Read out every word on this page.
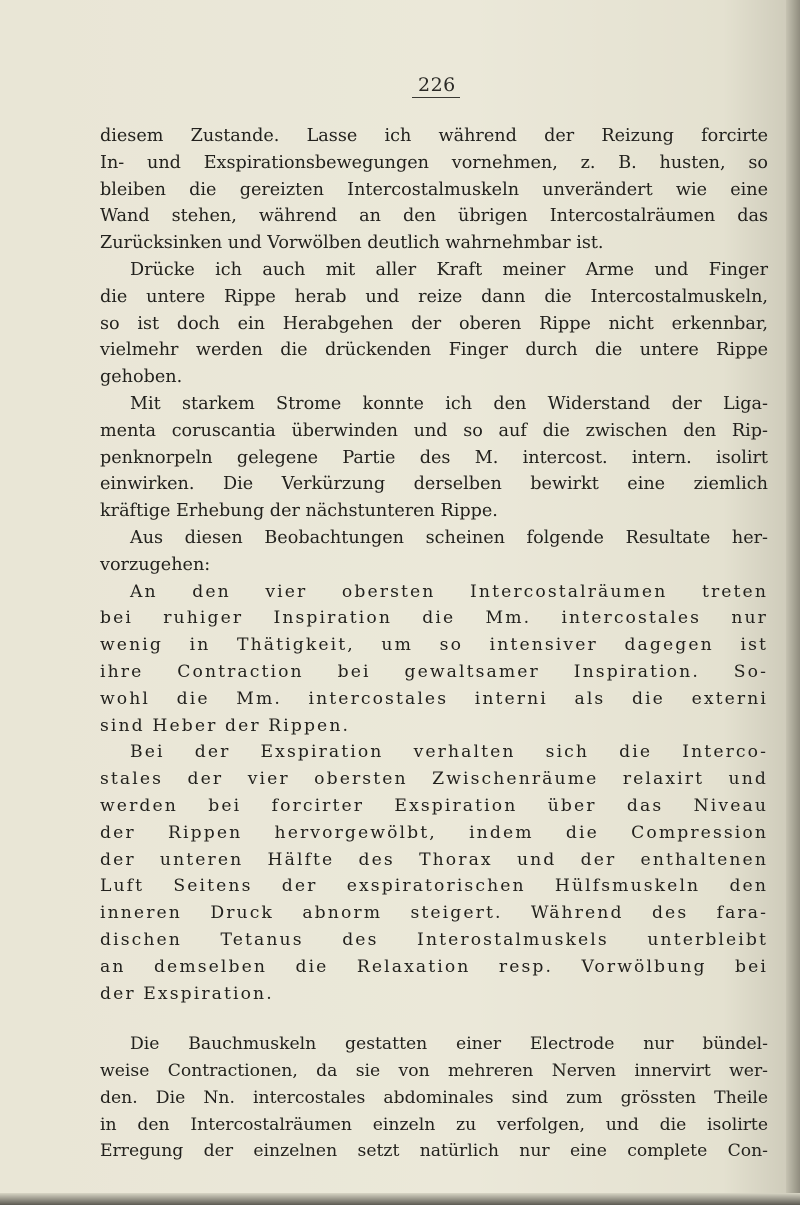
226
diesem Zustande. Lasse ich während der Reizung forcirte
In- und Exspirationsbewegungen vornehmen, z. B. husten, so
bleiben die gereizten Intercostalmuskeln unverändert wie eine
Wand stehen, während an den übrigen Intercostalräumen das
Zurücksinken und Vorwölben deutlich wahrnehmbar ist.
Drücke ich auch mit aller Kraft meiner Arme und Finger
die untere Rippe herab und reize dann die Intercostalmuskeln,
so ist doch ein Herabgehen der oberen Rippe nicht erkennbar,
vielmehr werden die drückenden Finger durch die untere Rippe
gehoben.
Mit starkem Strome konnte ich den Widerstand der Liga-
menta coruscantia überwinden und so auf die zwischen den Rip-
penknorpeln gelegene Partie des M. intercost. intern. isolirt
einwirken. Die Verkürzung derselben bewirkt eine ziemlich
kräftige Erhebung der nächstunteren Rippe.
Aus diesen Beobachtungen scheinen folgende Resultate her-
vorzugehen:
An den vier obersten Intercostalräumen treten
bei ruhiger Inspiration die Mm. intercostales nur
wenig in Thätigkeit, um so intensiver dagegen ist
ihre Contraction bei gewaltsamer Inspiration. So-
wohl die Mm. intercostales interni als die externi
sind Heber der Rippen.
Bei der Exspiration verhalten sich die Interco-
stales der vier obersten Zwischenräume relaxirt und
werden bei forcirter Exspiration über das Niveau
der Rippen hervorgewölbt, indem die Compression
der unteren Hälfte des Thorax und der enthaltenen
Luft Seitens der exspiratorischen Hülfsmuskeln den
inneren Druck abnorm steigert. Während des fara-
dischen Tetanus des Interostalmuskels unterbleibt
an demselben die Relaxation resp. Vorwölbung bei
der Exspiration.
Die Bauchmuskeln gestatten einer Electrode nur bündel-
weise Contractionen, da sie von mehreren Nerven innervirt wer-
den. Die Nn. intercostales abdominales sind zum grössten Theile
in den Intercostalräumen einzeln zu verfolgen, und die isolirte
Erregung der einzelnen setzt natürlich nur eine complete Con-
